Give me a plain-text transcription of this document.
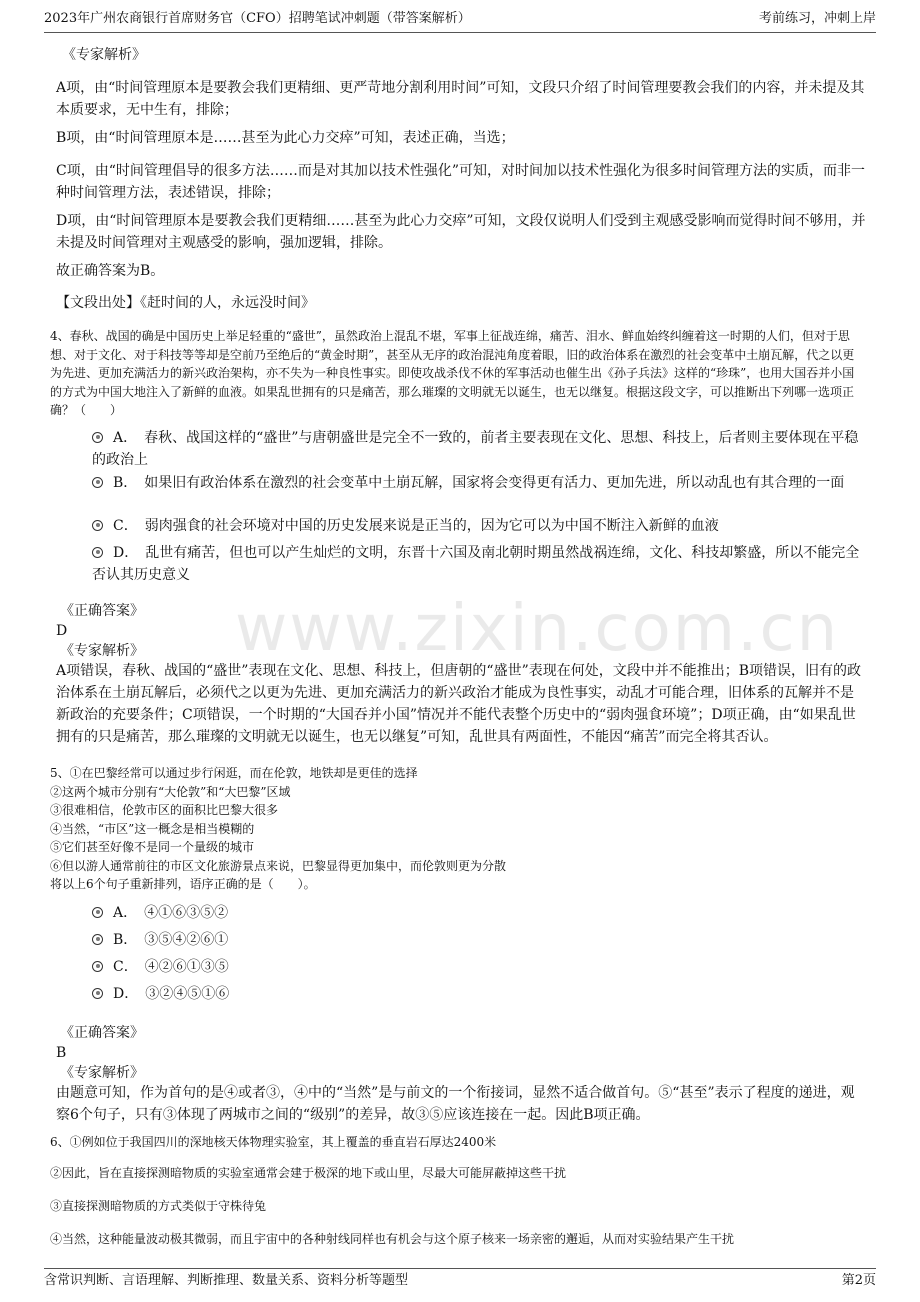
2023年广州农商银行首席财务官（CFO）招聘笔试冲刺题（带答案解析）	考前练习，冲刺上岸
www.zixin.com.cn
《专家解析》
A项，由“时间管理原本是要教会我们更精细、更严苛地分割利用时间”可知，文段只介绍了时间管理要教会我们的内容，并未提及其本质要求，无中生有，排除；
B项，由“时间管理原本是……甚至为此心力交瘁”可知，表述正确，当选；
C项，由“时间管理倡导的很多方法……而是对其加以技术性强化”可知，对时间加以技术性强化为很多时间管理方法的实质，而非一种时间管理方法，表述错误，排除；
D项，由“时间管理原本是要教会我们更精细……甚至为此心力交瘁”可知，文段仅说明人们受到主观感受影响而觉得时间不够用，并未提及时间管理对主观感受的影响，强加逻辑，排除。
故正确答案为B。
【文段出处】《赶时间的人，永远没时间》
4、春秋、战国的确是中国历史上举足轻重的“盛世”，虽然政治上混乱不堪，军事上征战连绵，痛苦、泪水、鲜血始终纠缠着这一时期的人们，但对于思想、对于文化、对于科技等等却是空前乃至绝后的“黄金时期”，甚至从无序的政治混沌角度着眼，旧的政治体系在激烈的社会变革中土崩瓦解，代之以更为先进、更加充满活力的新兴政治架构，亦不失为一种良性事实。即使攻战杀伐不休的军事活动也催生出《孙子兵法》这样的“珍珠”，也用大国吞并小国的方式为中国大地注入了新鲜的血液。如果乱世拥有的只是痛苦，那么璀璨的文明就无以诞生，也无以继复。根据这段文字，可以推断出下列哪一选项正确？（　　）
A．　春秋、战国这样的“盛世”与唐朝盛世是完全不一致的，前者主要表现在文化、思想、科技上，后者则主要体现在平稳的政治上
B．　如果旧有政治体系在激烈的社会变革中土崩瓦解，国家将会变得更有活力、更加先进，所以动乱也有其合理的一面
C．　弱肉强食的社会环境对中国的历史发展来说是正当的，因为它可以为中国不断注入新鲜的血液
D．　乱世有痛苦，但也可以产生灿烂的文明，东晋十六国及南北朝时期虽然战祸连绵，文化、科技却繁盛，所以不能完全否认其历史意义
《正确答案》
D
《专家解析》
A项错误，春秋、战国的“盛世”表现在文化、思想、科技上，但唐朝的“盛世”表现在何处，文段中并不能推出；B项错误，旧有的政治体系在土崩瓦解后，必须代之以更为先进、更加充满活力的新兴政治才能成为良性事实，动乱才可能合理，旧体系的瓦解并不是新政治的充要条件；C项错误，一个时期的“大国吞并小国”情况并不能代表整个历史中的“弱肉强食环境”；D项正确，由“如果乱世拥有的只是痛苦，那么璀璨的文明就无以诞生，也无以继复”可知，乱世具有两面性，不能因“痛苦”而完全将其否认。
5、①在巴黎经常可以通过步行闲逛，而在伦敦，地铁却是更佳的选择
②这两个城市分别有“大伦敦”和“大巴黎”区域
③很难相信，伦敦市区的面积比巴黎大很多
④当然，“市区”这一概念是相当模糊的
⑤它们甚至好像不是同一个量级的城市
⑥但以游人通常前往的市区文化旅游景点来说，巴黎显得更加集中，而伦敦则更为分散
将以上6个句子重新排列，语序正确的是（　　）。
A．　④①⑥③⑤②
B．　③⑤④②⑥①
C．　④②⑥①③⑤
D．　③②④⑤①⑥
《正确答案》
B
《专家解析》
由题意可知，作为首句的是④或者③，④中的“当然”是与前文的一个衔接词，显然不适合做首句。⑤“甚至”表示了程度的递进，观察6个句子，只有③体现了两城市之间的“级别”的差异，故③⑤应该连接在一起。因此B项正确。
6、①例如位于我国四川的深地核天体物理实验室，其上覆盖的垂直岩石厚达2400米
②因此，旨在直接探测暗物质的实验室通常会建于极深的地下或山里，尽最大可能屏蔽掉这些干扰
③直接探测暗物质的方式类似于守株待兔
④当然，这种能量波动极其微弱，而且宇宙中的各种射线同样也有机会与这个原子核来一场亲密的邂逅，从而对实验结果产生干扰
含常识判断、言语理解、判断推理、数量关系、资料分析等题型	第2页
